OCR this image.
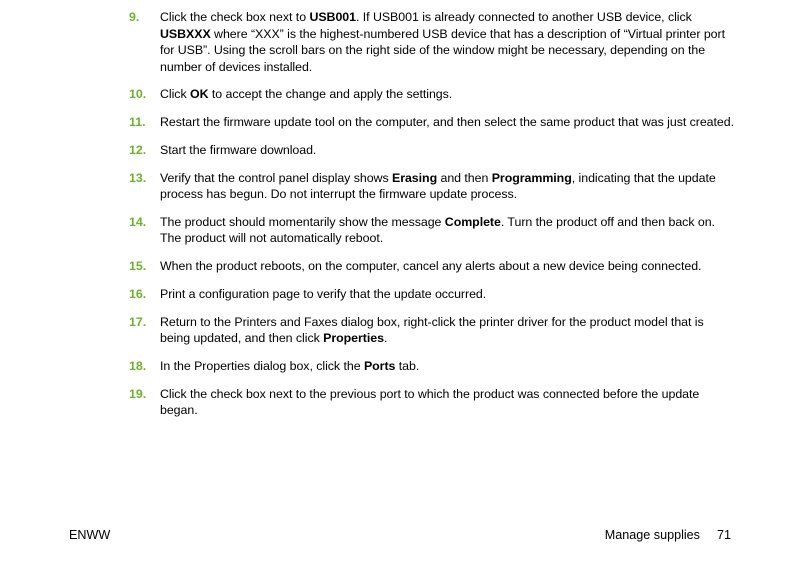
9.	Click the check box next to USB001. If USB001 is already connected to another USB device, click USBXXX where “XXX” is the highest-numbered USB device that has a description of “Virtual printer port for USB”. Using the scroll bars on the right side of the window might be necessary, depending on the number of devices installed.
10.	Click OK to accept the change and apply the settings.
11.	Restart the firmware update tool on the computer, and then select the same product that was just created.
12.	Start the firmware download.
13.	Verify that the control panel display shows Erasing and then Programming, indicating that the update process has begun. Do not interrupt the firmware update process.
14.	The product should momentarily show the message Complete. Turn the product off and then back on. The product will not automatically reboot.
15.	When the product reboots, on the computer, cancel any alerts about a new device being connected.
16.	Print a configuration page to verify that the update occurred.
17.	Return to the Printers and Faxes dialog box, right-click the printer driver for the product model that is being updated, and then click Properties.
18.	In the Properties dialog box, click the Ports tab.
19.	Click the check box next to the previous port to which the product was connected before the update began.
ENWW	Manage supplies 71
